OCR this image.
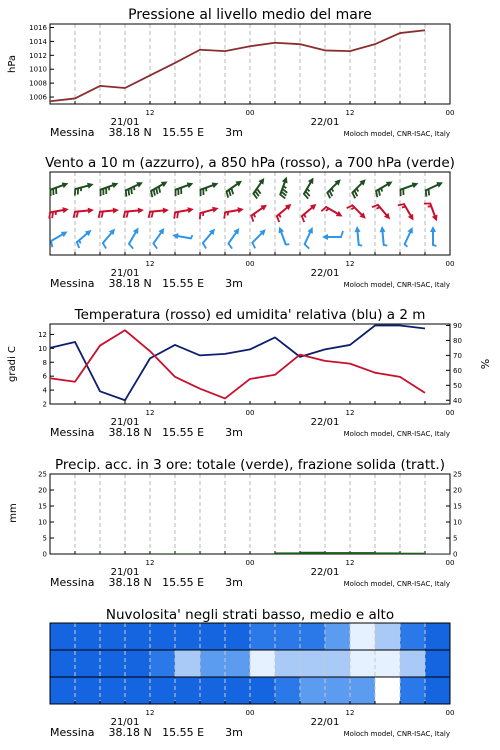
Pressione al livello medio del mare
hPa
1006
1008
1010
1012
1014
1016
12	00	12	00
21/01	22/01
Messina    38.18 N   15.55 E      3m	Moloch model, CNR-ISAC, Italy
Vento a 10 m (azzurro), a 850 hPa (rosso), a 700 hPa (verde)
12	00	12	00
21/01	22/01
Messina    38.18 N   15.55 E      3m	Moloch model, CNR-ISAC, Italy
Temperatura (rosso) ed umidita' relativa (blu) a 2 m
gradi C	%
2
4
6
8
10
12
40
50
60
70
80
90
12	00	12	00
21/01	22/01
Messina    38.18 N   15.55 E      3m	Moloch model, CNR-ISAC, Italy
Precip. acc. in 3 ore: totale (verde), frazione solida (tratt.)
mm
0
5
10
15
20
25
0
5
10
15
20
25
12	00	12	00
21/01	22/01
Messina    38.18 N   15.55 E      3m	Moloch model, CNR-ISAC, Italy
Nuvolosita' negli strati basso, medio e alto
12	00	12	00
21/01	22/01
Messina    38.18 N   15.55 E      3m	Moloch model, CNR-ISAC, Italy
